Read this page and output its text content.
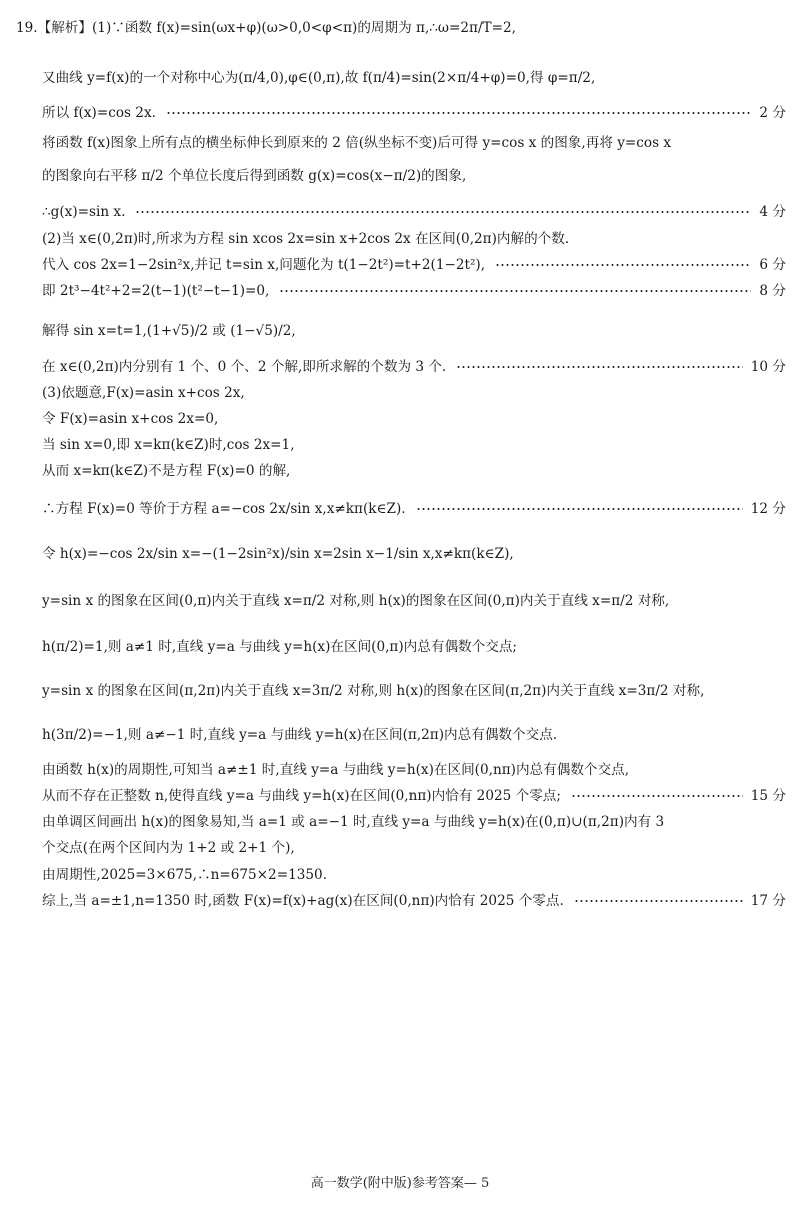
19.【解析】(1)∵函数 f(x)=sin(ωx+φ)(ω>0,0<φ<π)的周期为 π,∴ω=2π/T=2,
又曲线 y=f(x)的一个对称中心为(π/4,0),φ∈(0,π),故 f(π/4)=sin(2×π/4+φ)=0,得 φ=π/2,
所以 f(x)=cos 2x.	2 分
将函数 f(x)图象上所有点的横坐标伸长到原来的 2 倍(纵坐标不变)后可得 y=cos x 的图象,再将 y=cos x
的图象向右平移 π/2 个单位长度后得到函数 g(x)=cos(x−π/2)的图象,
∴g(x)=sin x.	4 分
(2)当 x∈(0,2π)时,所求为方程 sin xcos 2x=sin x+2cos 2x 在区间(0,2π)内解的个数.
代入 cos 2x=1−2sin²x,并记 t=sin x,问题化为 t(1−2t²)=t+2(1−2t²),	6 分
即 2t³−4t²+2=2(t−1)(t²−t−1)=0,	8 分
解得 sin x=t=1,(1+√5)/2 或 (1−√5)/2,
在 x∈(0,2π)内分别有 1 个、0 个、2 个解,即所求解的个数为 3 个.	10 分
(3)依题意,F(x)=asin x+cos 2x,
令 F(x)=asin x+cos 2x=0,
当 sin x=0,即 x=kπ(k∈Z)时,cos 2x=1,
从而 x=kπ(k∈Z)不是方程 F(x)=0 的解,
∴方程 F(x)=0 等价于方程 a=−cos 2x/sin x,x≠kπ(k∈Z).	12 分
令 h(x)=−cos 2x/sin x=−(1−2sin²x)/sin x=2sin x−1/sin x,x≠kπ(k∈Z),
y=sin x 的图象在区间(0,π)内关于直线 x=π/2 对称,则 h(x)的图象在区间(0,π)内关于直线 x=π/2 对称,
h(π/2)=1,则 a≠1 时,直线 y=a 与曲线 y=h(x)在区间(0,π)内总有偶数个交点;
y=sin x 的图象在区间(π,2π)内关于直线 x=3π/2 对称,则 h(x)的图象在区间(π,2π)内关于直线 x=3π/2 对称,
h(3π/2)=−1,则 a≠−1 时,直线 y=a 与曲线 y=h(x)在区间(π,2π)内总有偶数个交点.
由函数 h(x)的周期性,可知当 a≠±1 时,直线 y=a 与曲线 y=h(x)在区间(0,nπ)内总有偶数个交点,
从而不存在正整数 n,使得直线 y=a 与曲线 y=h(x)在区间(0,nπ)内恰有 2025 个零点;	15 分
由单调区间画出 h(x)的图象易知,当 a=1 或 a=−1 时,直线 y=a 与曲线 y=h(x)在(0,π)∪(π,2π)内有 3
个交点(在两个区间内为 1+2 或 2+1 个),
由周期性,2025=3×675,∴n=675×2=1350.
综上,当 a=±1,n=1350 时,函数 F(x)=f(x)+ag(x)在区间(0,nπ)内恰有 2025 个零点.	17 分
高一数学(附中版)参考答案— 5
